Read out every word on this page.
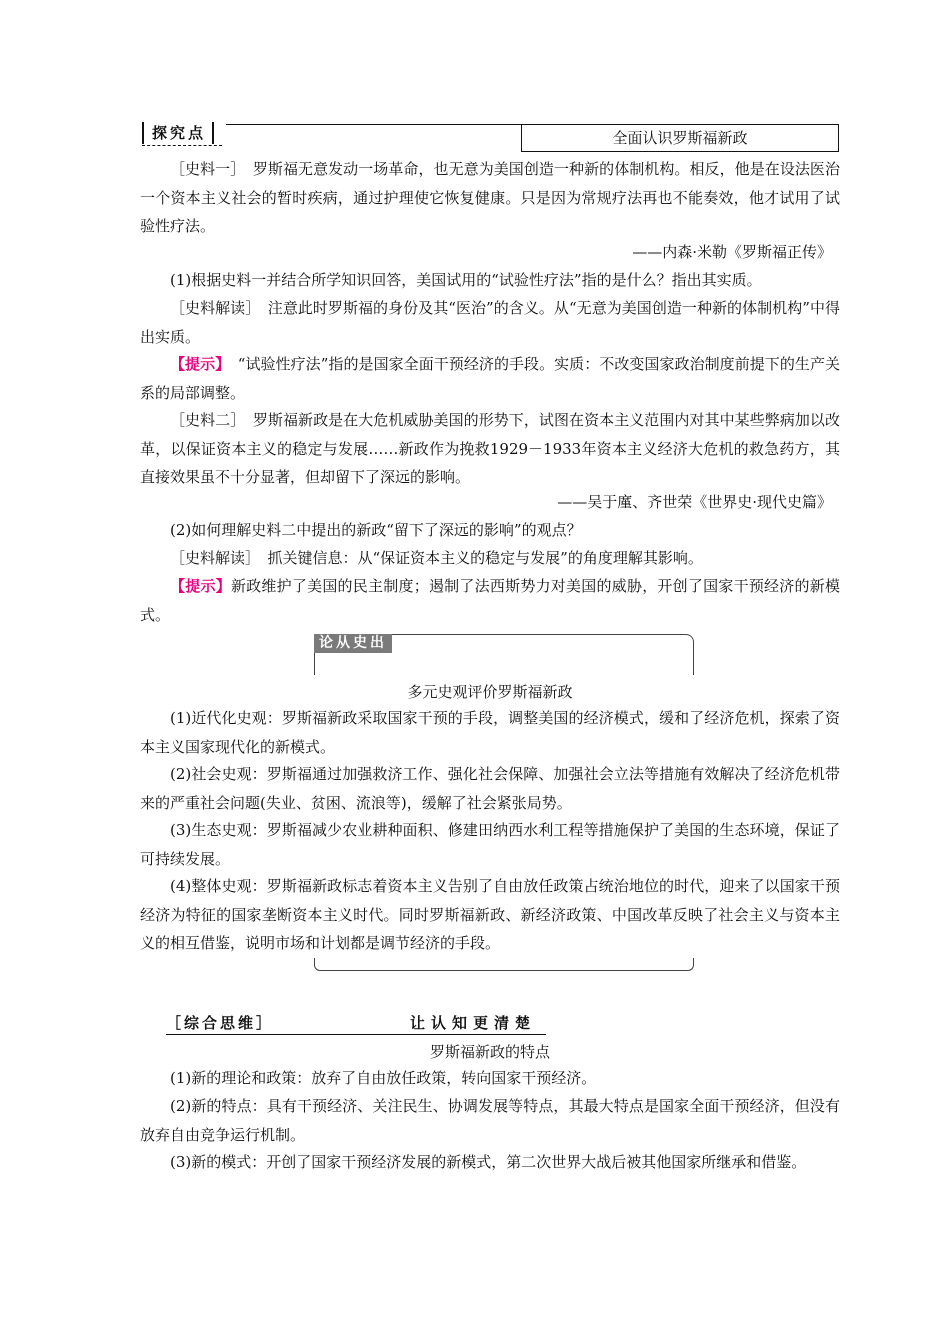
探究点	全面认识罗斯福新政

［史料一］　罗斯福无意发动一场革命，也无意为美国创造一种新的体制机构。相反，他是在设法医治一个资本主义社会的暂时疾病，通过护理使它恢复健康。只是因为常规疗法再也不能奏效，他才试用了试验性疗法。

——内森·米勒《罗斯福正传》

(1)根据史料一并结合所学知识回答，美国试用的“试验性疗法”指的是什么？指出其实质。

［史料解读］　注意此时罗斯福的身份及其“医治”的含义。从“无意为美国创造一种新的体制机构”中得出实质。

【提示】　“试验性疗法”指的是国家全面干预经济的手段。实质：不改变国家政治制度前提下的生产关系的局部调整。

［史料二］　罗斯福新政是在大危机威胁美国的形势下，试图在资本主义范围内对其中某些弊病加以改革，以保证资本主义的稳定与发展……新政作为挽救1929－1933年资本主义经济大危机的救急药方，其直接效果虽不十分显著，但却留下了深远的影响。

——吴于廑、齐世荣《世界史·现代史篇》

(2)如何理解史料二中提出的新政“留下了深远的影响”的观点？

［史料解读］　抓关键信息：从“保证资本主义的稳定与发展”的角度理解其影响。

【提示】新政维护了美国的民主制度；遏制了法西斯势力对美国的威胁，开创了国家干预经济的新模式。

论从史出
多元史观评价罗斯福新政

(1)近代化史观：罗斯福新政采取国家干预的手段，调整美国的经济模式，缓和了经济危机，探索了资本主义国家现代化的新模式。

(2)社会史观：罗斯福通过加强救济工作、强化社会保障、加强社会立法等措施有效解决了经济危机带来的严重社会问题(失业、贫困、流浪等)，缓解了社会紧张局势。

(3)生态史观：罗斯福减少农业耕种面积、修建田纳西水利工程等措施保护了美国的生态环境，保证了可持续发展。

(4)整体史观：罗斯福新政标志着资本主义告别了自由放任政策占统治地位的时代，迎来了以国家干预经济为特征的国家垄断资本主义时代。同时罗斯福新政、新经济政策、中国改革反映了社会主义与资本主义的相互借鉴，说明市场和计划都是调节经济的手段。

［综合思维］	让认知更清楚
罗斯福新政的特点

(1)新的理论和政策：放弃了自由放任政策，转向国家干预经济。

(2)新的特点：具有干预经济、关注民生、协调发展等特点，其最大特点是国家全面干预经济，但没有放弃自由竞争运行机制。

(3)新的模式：开创了国家干预经济发展的新模式，第二次世界大战后被其他国家所继承和借鉴。
